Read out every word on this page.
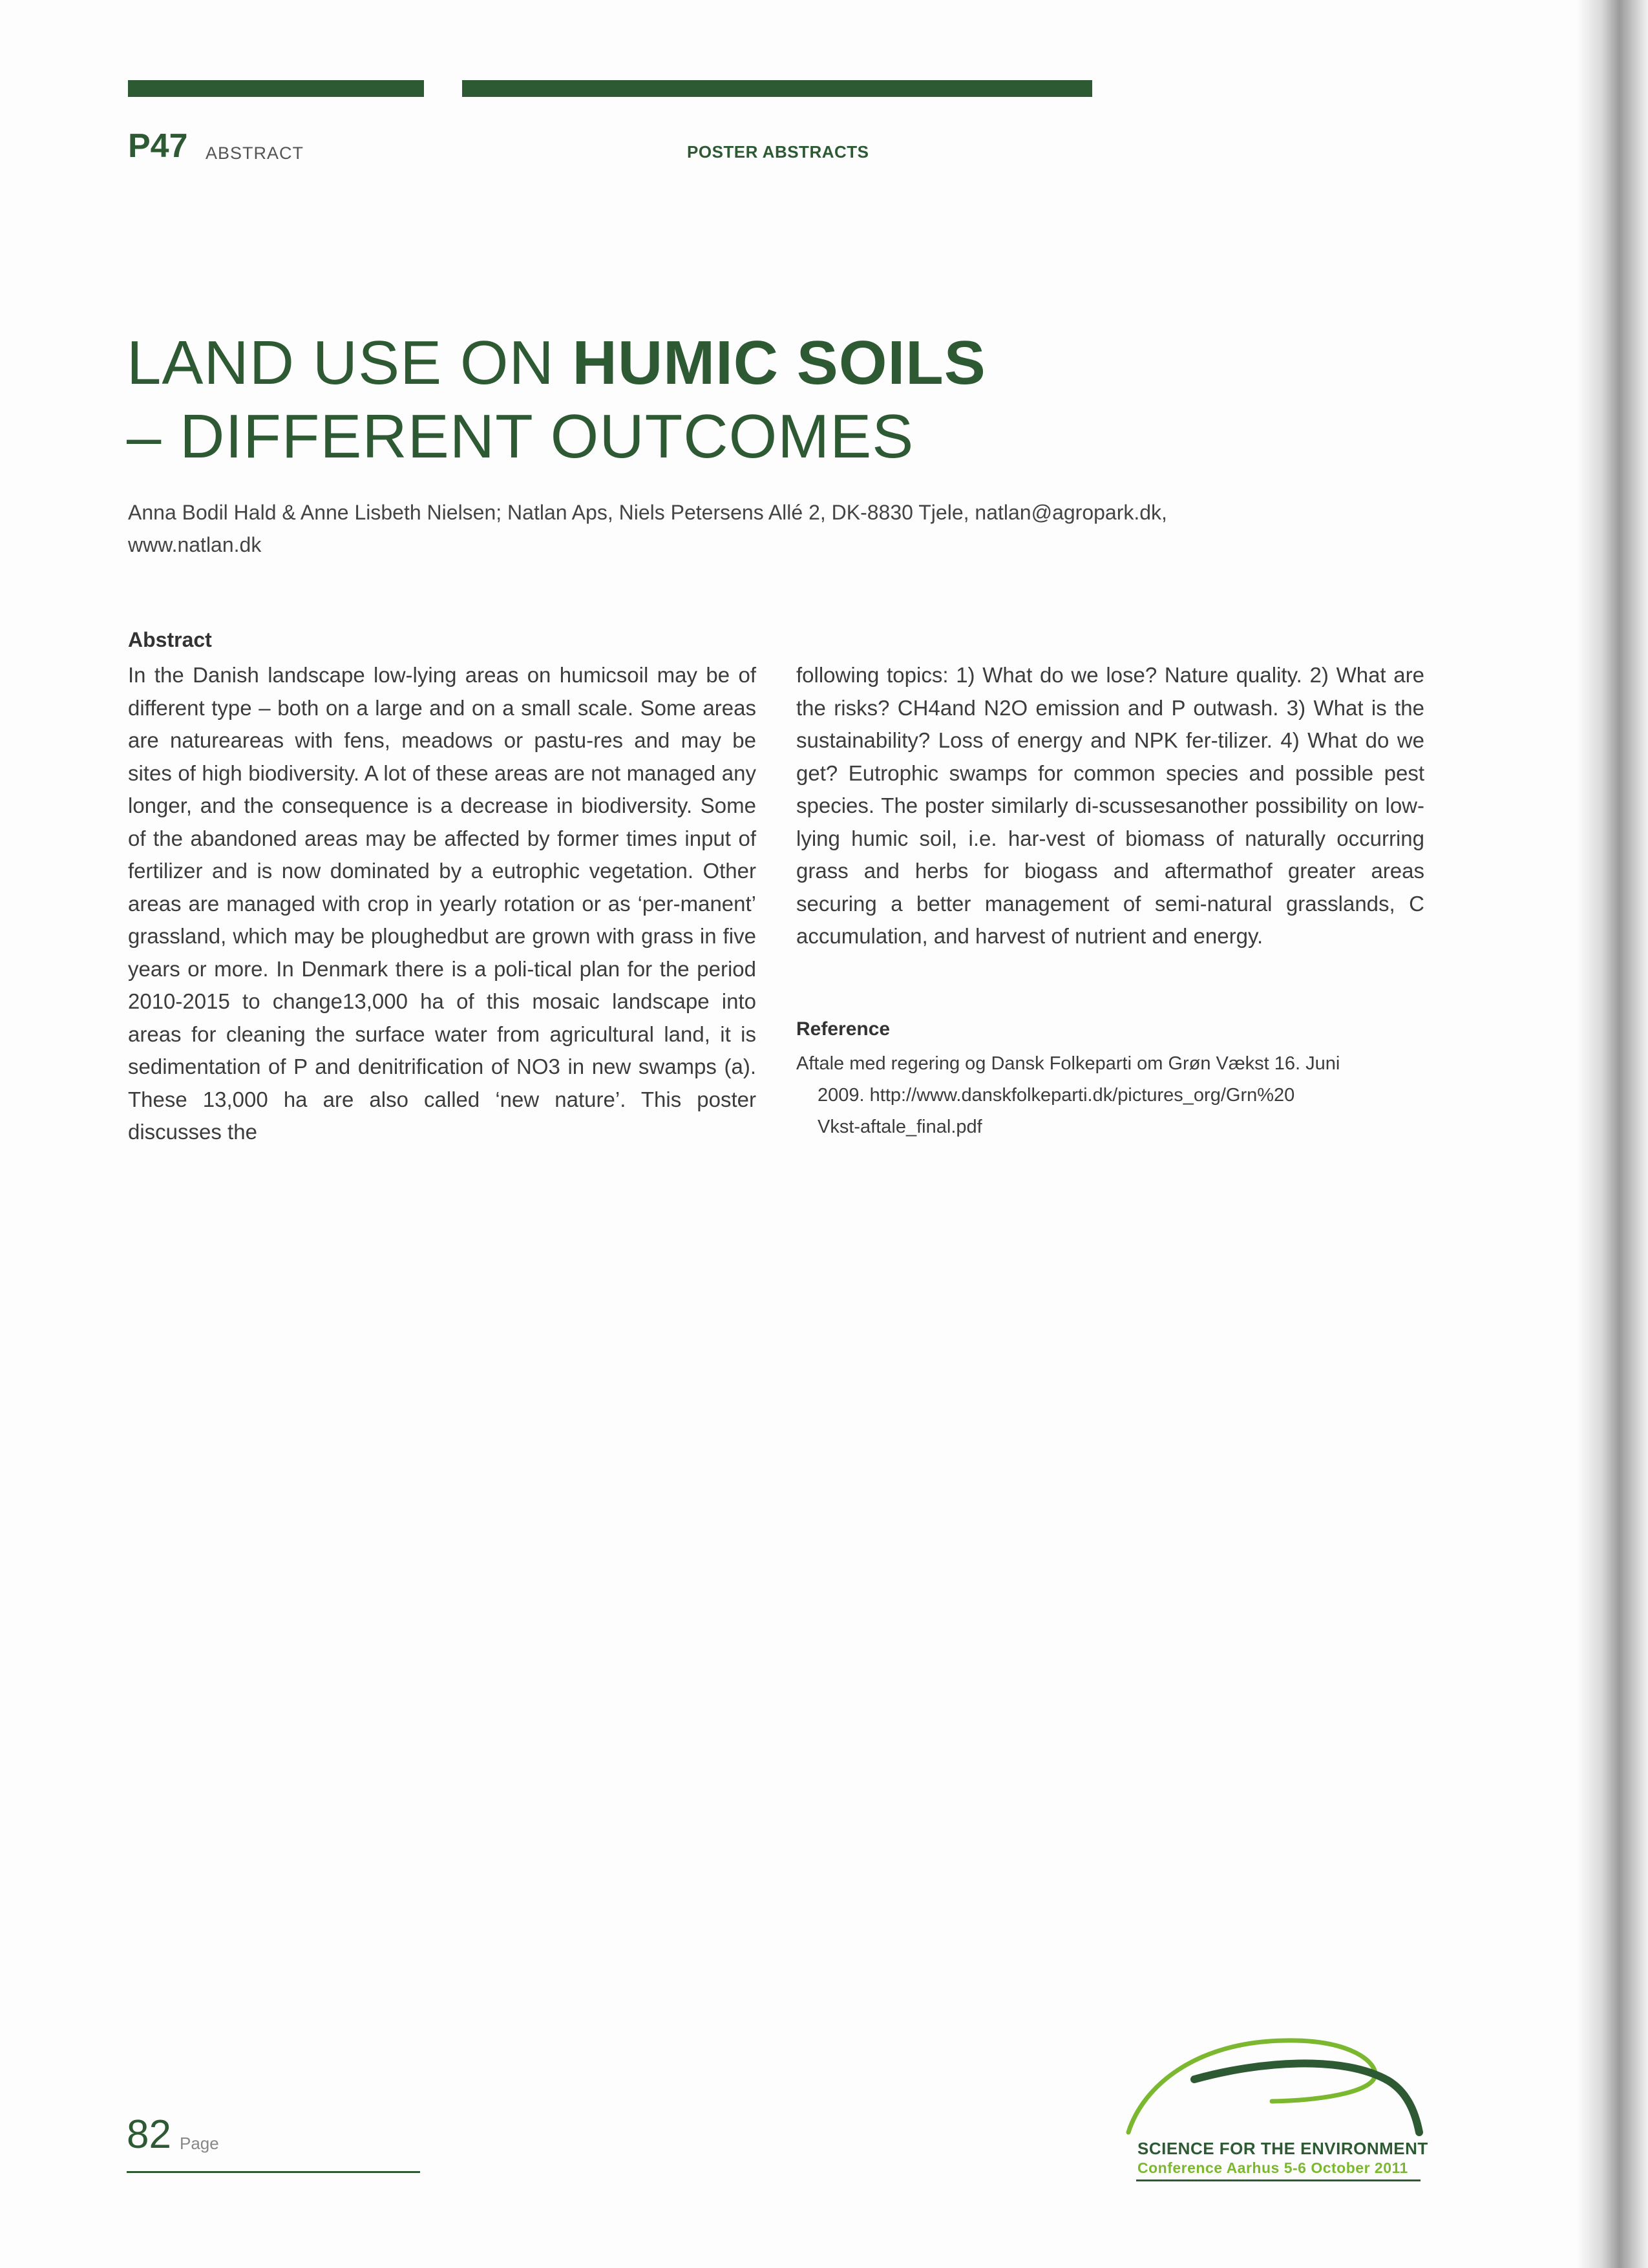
P47 ABSTRACT	POSTER ABSTRACTS
LAND USE ON HUMIC SOILS
– DIFFERENT OUTCOMES
Anna Bodil Hald & Anne Lisbeth Nielsen; Natlan Aps, Niels Petersens Allé 2, DK-8830 Tjele, natlan@agropark.dk,
www.natlan.dk
Abstract
In the Danish landscape low-lying areas on humicsoil may be of different type – both on a large and on a small scale. Some areas are natureareas with fens, meadows or pastu-res and may be sites of high biodiversity. A lot of these areas are not managed any longer, and the consequence is a decrease in biodiversity. Some of the abandoned areas may be affected by former times input of fertilizer and is now dominated by a eutrophic vegetation. Other areas are managed with crop in yearly rotation or as ‘per-manent’ grassland, which may be ploughedbut are grown with grass in five years or more. In Denmark there is a poli-tical plan for the period 2010-2015 to change13,000 ha of this mosaic landscape into areas for cleaning the surface water from agricultural land, it is sedimentation of P and denitrification of NO3 in new swamps (a). These 13,000 ha are also called ‘new nature’. This poster discusses the
following topics: 1) What do we lose? Nature quality. 2) What are the risks? CH4and N2O emission and P outwash. 3) What is the sustainability? Loss of energy and NPK fer-tilizer. 4) What do we get? Eutrophic swamps for common species and possible pest species. The poster similarly di-scussesanother possibility on low-lying humic soil, i.e. har-vest of biomass of naturally occurring grass and herbs for biogass and aftermathof greater areas securing a better management of semi-natural grasslands, C accumulation, and harvest of nutrient and energy.
Reference
Aftale med regering og Dansk Folkeparti om Grøn Vækst 16. Juni
2009. http://www.danskfolkeparti.dk/pictures_org/Grn%20
Vkst-aftale_final.pdf
82 Page	SCIENCE FOR THE ENVIRONMENT
Conference Aarhus 5-6 October 2011
